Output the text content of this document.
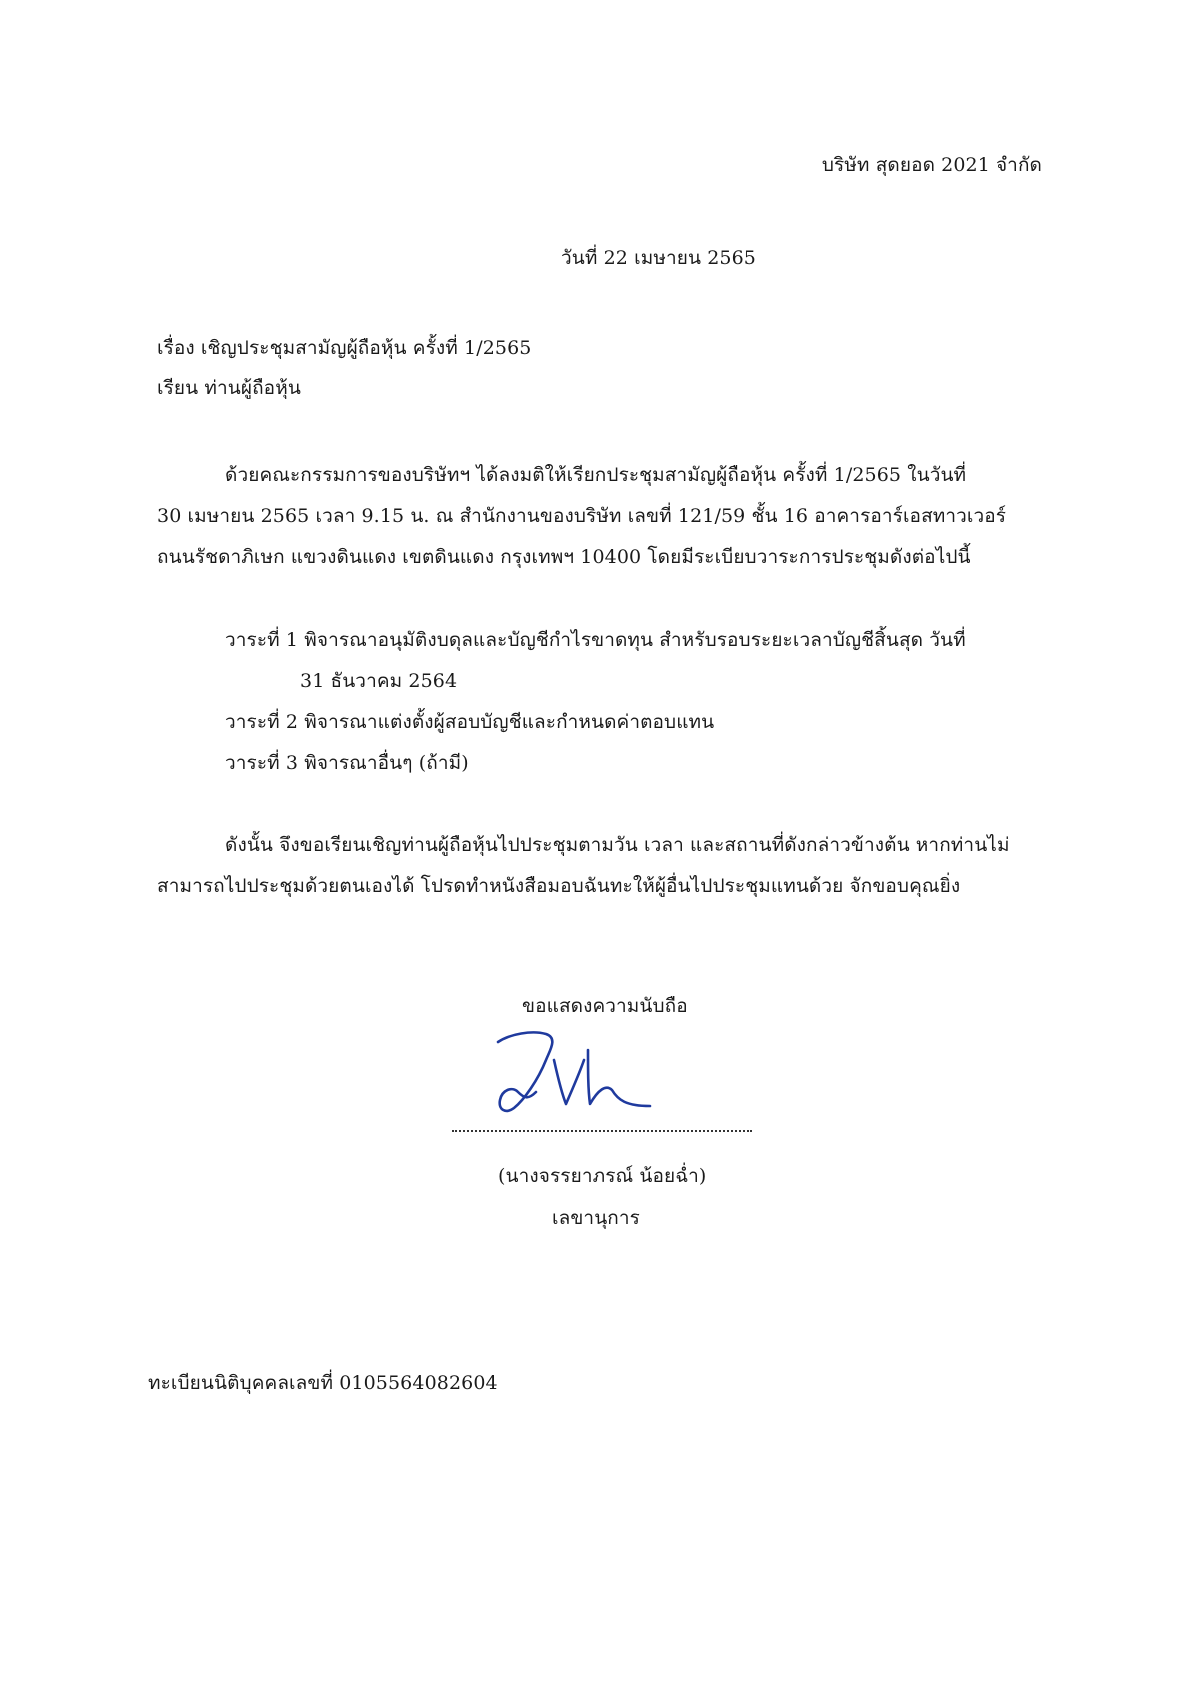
บริษัท สุดยอด 2021 จำกัด
วันที่ 22 เมษายน 2565
เรื่อง เชิญประชุมสามัญผู้ถือหุ้น ครั้งที่ 1/2565
เรียน ท่านผู้ถือหุ้น
ด้วยคณะกรรมการของบริษัทฯ ได้ลงมติให้เรียกประชุมสามัญผู้ถือหุ้น ครั้งที่ 1/2565 ในวันที่
30 เมษายน 2565 เวลา 9.15 น. ณ สำนักงานของบริษัท เลขที่ 121/59 ชั้น 16 อาคารอาร์เอสทาวเวอร์
ถนนรัชดาภิเษก แขวงดินแดง เขตดินแดง กรุงเทพฯ 10400 โดยมีระเบียบวาระการประชุมดังต่อไปนี้
วาระที่ 1 พิจารณาอนุมัติงบดุลและบัญชีกำไรขาดทุน สำหรับรอบระยะเวลาบัญชีสิ้นสุด วันที่
31 ธันวาคม 2564
วาระที่ 2 พิจารณาแต่งตั้งผู้สอบบัญชีและกำหนดค่าตอบแทน
วาระที่ 3 พิจารณาอื่นๆ (ถ้ามี)
ดังนั้น จึงขอเรียนเชิญท่านผู้ถือหุ้นไปประชุมตามวัน เวลา และสถานที่ดังกล่าวข้างต้น หากท่านไม่
สามารถไปประชุมด้วยตนเองได้ โปรดทำหนังสือมอบฉันทะให้ผู้อื่นไปประชุมแทนด้วย จักขอบคุณยิ่ง
ขอแสดงความนับถือ
(นางจรรยาภรณ์ น้อยฉ่ำ)
เลขานุการ
ทะเบียนนิติบุคคลเลขที่ 0105564082604
